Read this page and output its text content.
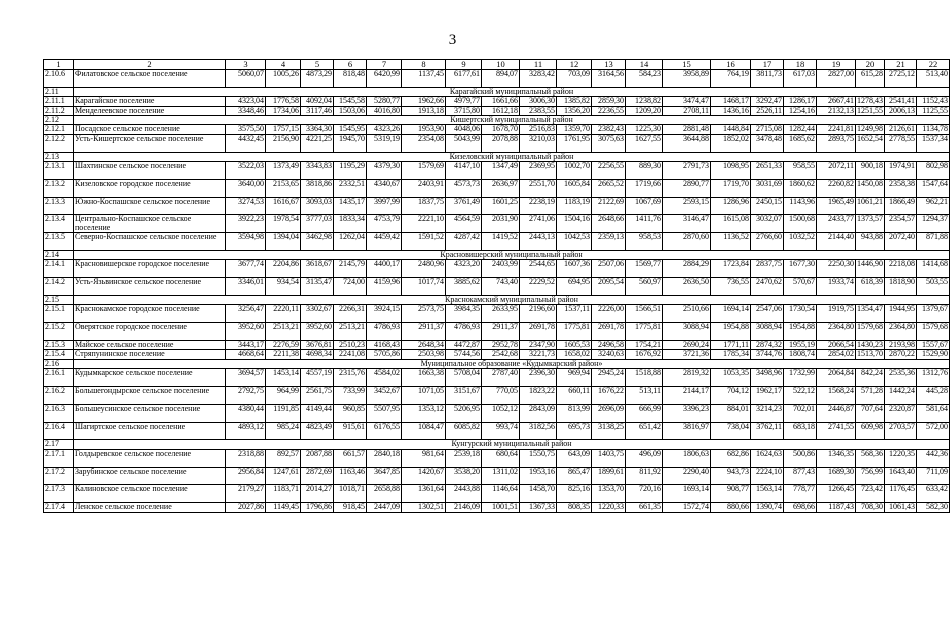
3
1	2	3	4	5	6	7	8	9	10	11	12	13	14	15	16	17	18	19	20	21	22
2.10.6	Филатовское сельское поселение	5060,07	1005,26	4873,29	818,48	6420,99	1137,45	6177,61	894,07	3283,42	703,09	3164,56	584,23	3958,89	764,19	3811,73	617,03	2827,00	615,28	2725,12	513,40
2.11	Карагайский муниципальный район																				
2.11.1	Карагайское поселение	4323,04	1776,58	4092,04	1545,58	5280,77	1962,66	4979,77	1661,66	3006,30	1385,82	2859,30	1238,82	3474,47	1468,17	3292,47	1286,17	2667,41	1278,43	2541,41	1152,43
2.11.2	Менделеевское поселение	3348,46	1734,06	3117,46	1503,06	4016,80	1913,18	3715,80	1612,18	2383,55	1356,20	2236,55	1209,20	2708,11	1436,16	2526,11	1254,16	2132,13	1251,55	2006,13	1125,55
2.12	Кишертский муниципальный район																				
2.12.1	Посадское сельское поселение	3575,50	1757,15	3364,30	1545,95	4323,26	1953,90	4048,06	1678,70	2516,83	1359,70	2382,43	1225,30	2881,48	1448,84	2715,08	1282,44	2241,81	1249,98	2126,61	1134,78
2.12.2	Усть-Кишертское сельское поселение	4432,45	2156,90	4221,25	1945,70	5319,19	2354,08	5043,99	2078,88	3210,03	1761,95	3075,63	1627,55	3644,88	1852,02	3478,48	1685,62	2893,75	1652,54	2778,55	1537,34
2.13	Кизеловский муниципальный район																				
2.13.1	Шахтинское сельское поселение	3522,03	1373,49	3343,83	1195,29	4379,30	1579,69	4147,10	1347,49	2369,95	1002,70	2256,55	889,30	2791,73	1098,95	2651,33	958,55	2072,11	900,18	1974,91	802,98
2.13.2	Кизеловское городское поселение	3640,00	2153,65	3818,86	2332,51	4340,67	2403,91	4573,73	2636,97	2551,70	1605,84	2665,52	1719,66	2890,77	1719,70	3031,69	1860,62	2260,82	1450,08	2358,38	1547,64
2.13.3	Южно-Коспашское сельское поселение	3274,53	1616,67	3093,03	1435,17	3997,99	1837,75	3761,49	1601,25	2238,19	1183,19	2122,69	1067,69	2593,15	1286,96	2450,15	1143,96	1965,49	1061,21	1866,49	962,21
2.13.4	Центрально-Коспашское сельское поселение	3922,23	1978,54	3777,03	1833,34	4753,79	2221,10	4564,59	2031,90	2741,06	1504,16	2648,66	1411,76	3146,47	1615,08	3032,07	1500,68	2433,77	1373,57	2354,57	1294,37
2.13.5	Северно-Коспашское сельское поселение	3594,98	1394,04	3462,98	1262,04	4459,42	1591,52	4287,42	1419,52	2443,13	1042,53	2359,13	958,53	2870,60	1136,52	2766,60	1032,52	2144,40	943,88	2072,40	871,88
2.14	Красновишерский муниципальный район																				
2.14.1	Красновишерское городское поселение	3677,74	2204,86	3618,67	2145,79	4400,17	2480,96	4323,20	2403,99	2544,65	1607,36	2507,06	1569,77	2884,29	1723,84	2837,75	1677,30	2250,30	1446,90	2218,08	1414,68
2.14.2	Усть-Язьвинское сельское поселение	3346,01	934,54	3135,47	724,00	4159,96	1017,74	3885,62	743,40	2229,52	694,95	2095,54	560,97	2636,50	736,55	2470,62	570,67	1933,74	618,39	1818,90	503,55
2.15	Краснокамский муниципальный район																				
2.15.1	Краснокамское городское поселение	3256,47	2220,11	3302,67	2266,31	3924,15	2573,75	3984,35	2633,95	2196,60	1537,11	2226,00	1566,51	2510,66	1694,14	2547,06	1730,54	1919,75	1354,47	1944,95	1379,67
2.15.2	Оверятское городское поселение	3952,60	2513,21	3952,60	2513,21	4786,93	2911,37	4786,93	2911,37	2691,78	1775,81	2691,78	1775,81	3088,94	1954,88	3088,94	1954,88	2364,80	1579,68	2364,80	1579,68
2.15.3	Майское сельское поселение	3443,17	2276,59	3676,81	2510,23	4168,43	2648,34	4472,87	2952,78	2347,90	1605,53	2496,58	1754,21	2690,24	1771,11	2874,32	1955,19	2066,54	1430,23	2193,98	1557,67
2.15.4	Стряпунинское поселение	4668,64	2211,38	4698,34	2241,08	5705,86	2503,98	5744,56	2542,68	3221,73	1658,02	3240,63	1676,92	3721,36	1785,34	3744,76	1808,74	2854,02	1513,70	2870,22	1529,90
2.16	Муниципальное образование «Кудымкарский район»																				
2.16.1	Кудымкарское сельское поселение	3694,57	1453,14	4557,19	2315,76	4584,02	1663,38	5708,04	2787,40	2396,30	969,94	2945,24	1518,88	2819,32	1053,35	3498,96	1732,99	2064,84	842,24	2535,36	1312,76
2.16.2	Большегондырское сельское поселение	2792,75	964,99	2561,75	733,99	3452,67	1071,05	3151,67	770,05	1823,22	660,11	1676,22	513,11	2144,17	704,12	1962,17	522,12	1568,24	571,28	1442,24	445,28
2.16.3	Большеусинское сельское поселение	4380,44	1191,85	4149,44	960,85	5507,95	1353,12	5206,95	1052,12	2843,09	813,99	2696,09	666,99	3396,23	884,01	3214,23	702,01	2446,87	707,64	2320,87	581,64
2.16.4	Шагиртское сельское поселение	4893,12	985,24	4823,49	915,61	6176,55	1084,47	6085,82	993,74	3182,56	695,73	3138,25	651,42	3816,97	738,04	3762,11	683,18	2741,55	609,98	2703,57	572,00
2.17	Кунгурский муниципальный район																				
2.17.1	Голдыревское сельское поселение	2318,88	892,57	2087,88	661,57	2840,18	981,64	2539,18	680,64	1550,75	643,09	1403,75	496,09	1806,63	682,86	1624,63	500,86	1346,35	568,36	1220,35	442,36
2.17.2	Зарубинское сельское поселение	2956,84	1247,61	2872,69	1163,46	3647,85	1420,67	3538,20	1311,02	1953,16	865,47	1899,61	811,92	2290,40	943,73	2224,10	877,43	1689,30	756,99	1643,40	711,09
2.17.3	Калиновское сельское поселение	2179,27	1183,71	2014,27	1018,71	2658,88	1361,64	2443,88	1146,64	1458,70	825,16	1353,70	720,16	1693,14	908,77	1563,14	778,77	1266,45	723,42	1176,45	633,42
2.17.4	Ленское сельское поселение	2027,86	1149,45	1796,86	918,45	2447,09	1302,51	2146,09	1001,51	1367,33	808,35	1220,33	661,35	1572,74	880,66	1390,74	698,66	1187,43	708,30	1061,43	582,30
